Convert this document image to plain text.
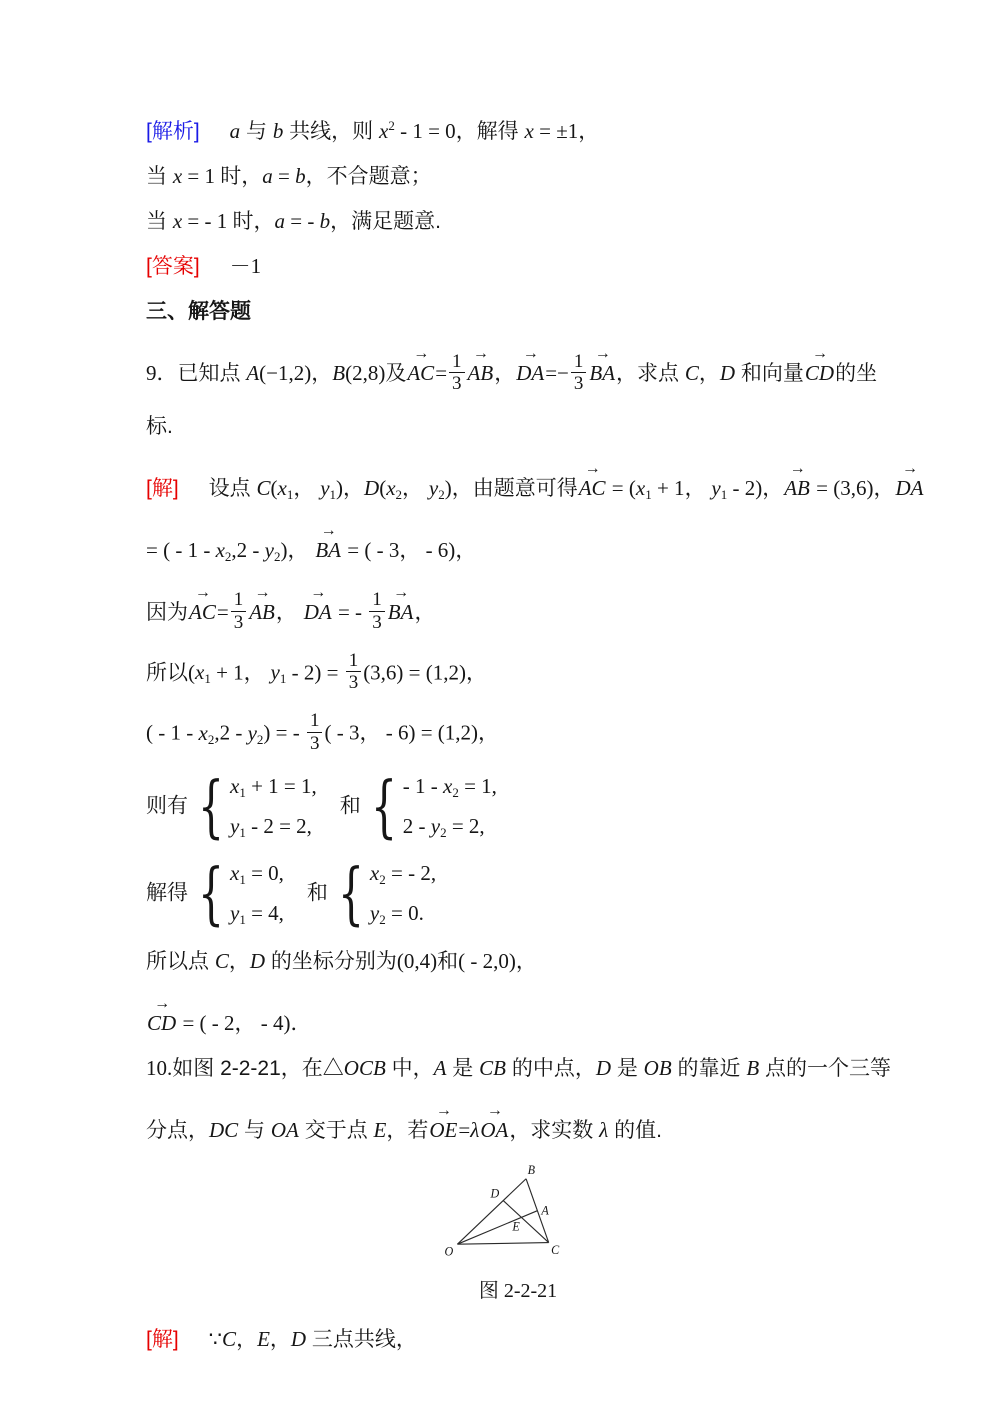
[解析] a 与 b 共线，则 $x^2 - 1 = 0$，解得 x = ±1，
当 x = 1 时，a = b，不合题意；
当 x = - 1 时，a = - b，满足题意.
[答案] －1
三、解答题
9．已知点 A(−1,2)，B(2,8)及
→
$AC= \frac{1}{3}$ →
AB，
→
$DA=- \frac{1}{3}$ →
BA，求点 C，D 和向量
→
CD的坐
标.
[解] 设点 $C(x_1$， $y_1$)，$D(x_2$， $y_2$)，由题意可得
→
AC = ($x_1 + 1$， $y_1 - 2$)，
→
AB = (3,6)，
→
DA
= ( - $1 - x_2,2 - y_2$)，
→
BA = ( - 3， - 6)，
因为
→
$AC= \frac{1}{3}$ →
AB，
→
DA = - $\frac{1}{3}$ →
BA，
所以($x_1 + 1$， $y_1 - 2) = \frac{1}{3} (3,6) = (1,2)$，
( - $1 - x_2,2 - y_2$) = - $\frac{1}{3}$ ( - 3， - 6) = (1,2)，
则有 { $x_1 + 1 = 1$,
$y_1 - 2 = 2$,
　和 { - $1 - x_2 = 1$,
$2 - y_2 = 2$,
解得 { $x_1 = 0$,
$y_1 = 4$,
　和 { $x_2$ = - 2,
$y_2 = 0$.
所以点 C，D 的坐标分别为(0,4)和( - 2,0)，
→
CD = ( - 2， - 4)．
10.如图 2-2-21，在△OCB 中，A 是 CB 的中点，D 是 OB 的靠近 B 点的一个三等
分点，DC 与 OA 交于点 E，若
→
OE=λ
→
OA，求实数 λ 的值.
B
D
A
E
O	C
图 2-2-21
[解] ∵C，E，D 三点共线，
